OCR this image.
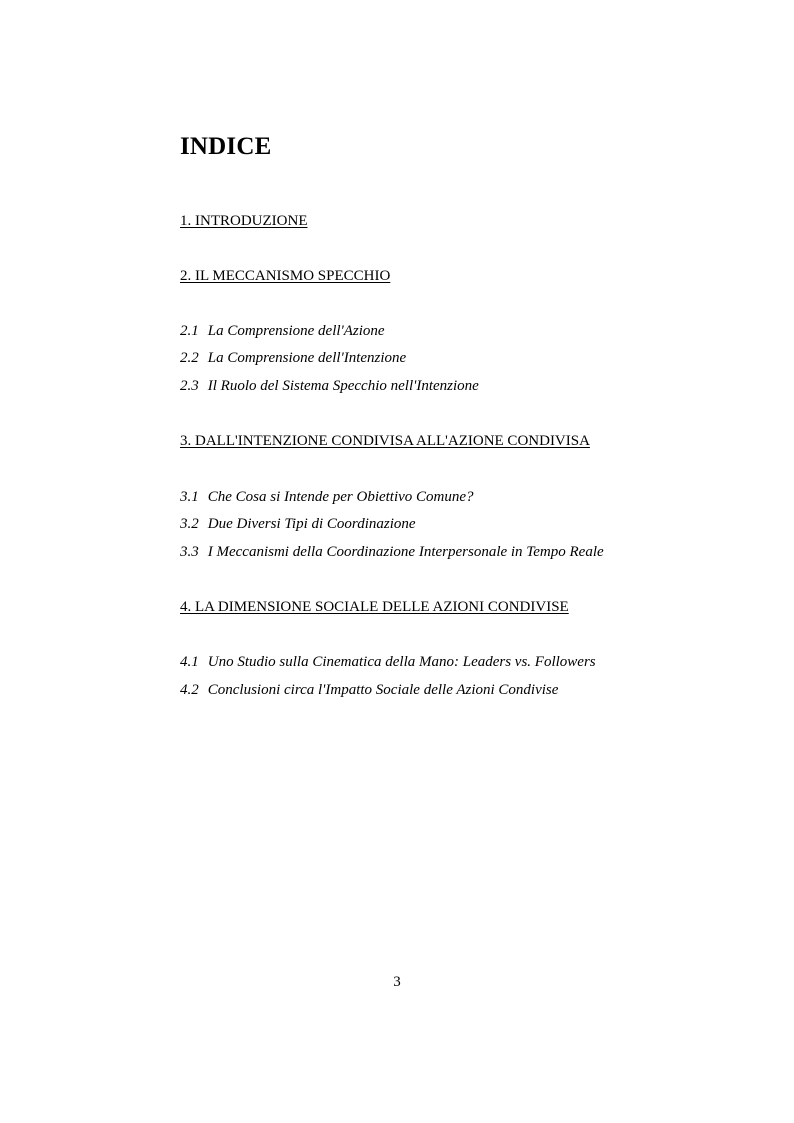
INDICE

1. INTRODUZIONE

2. IL MECCANISMO SPECCHIO

2.1 La Comprensione dell'Azione

2.2 La Comprensione dell'Intenzione

2.3 Il Ruolo del Sistema Specchio nell'Intenzione

3. DALL'INTENZIONE CONDIVISA ALL'AZIONE CONDIVISA

3.1 Che Cosa si Intende per Obiettivo Comune?

3.2 Due Diversi Tipi di Coordinazione

3.3 I Meccanismi della Coordinazione Interpersonale in Tempo Reale

4. LA DIMENSIONE SOCIALE DELLE AZIONI CONDIVISE

4.1 Uno Studio sulla Cinematica della Mano: Leaders vs. Followers

4.2 Conclusioni circa l'Impatto Sociale delle Azioni Condivise

3
